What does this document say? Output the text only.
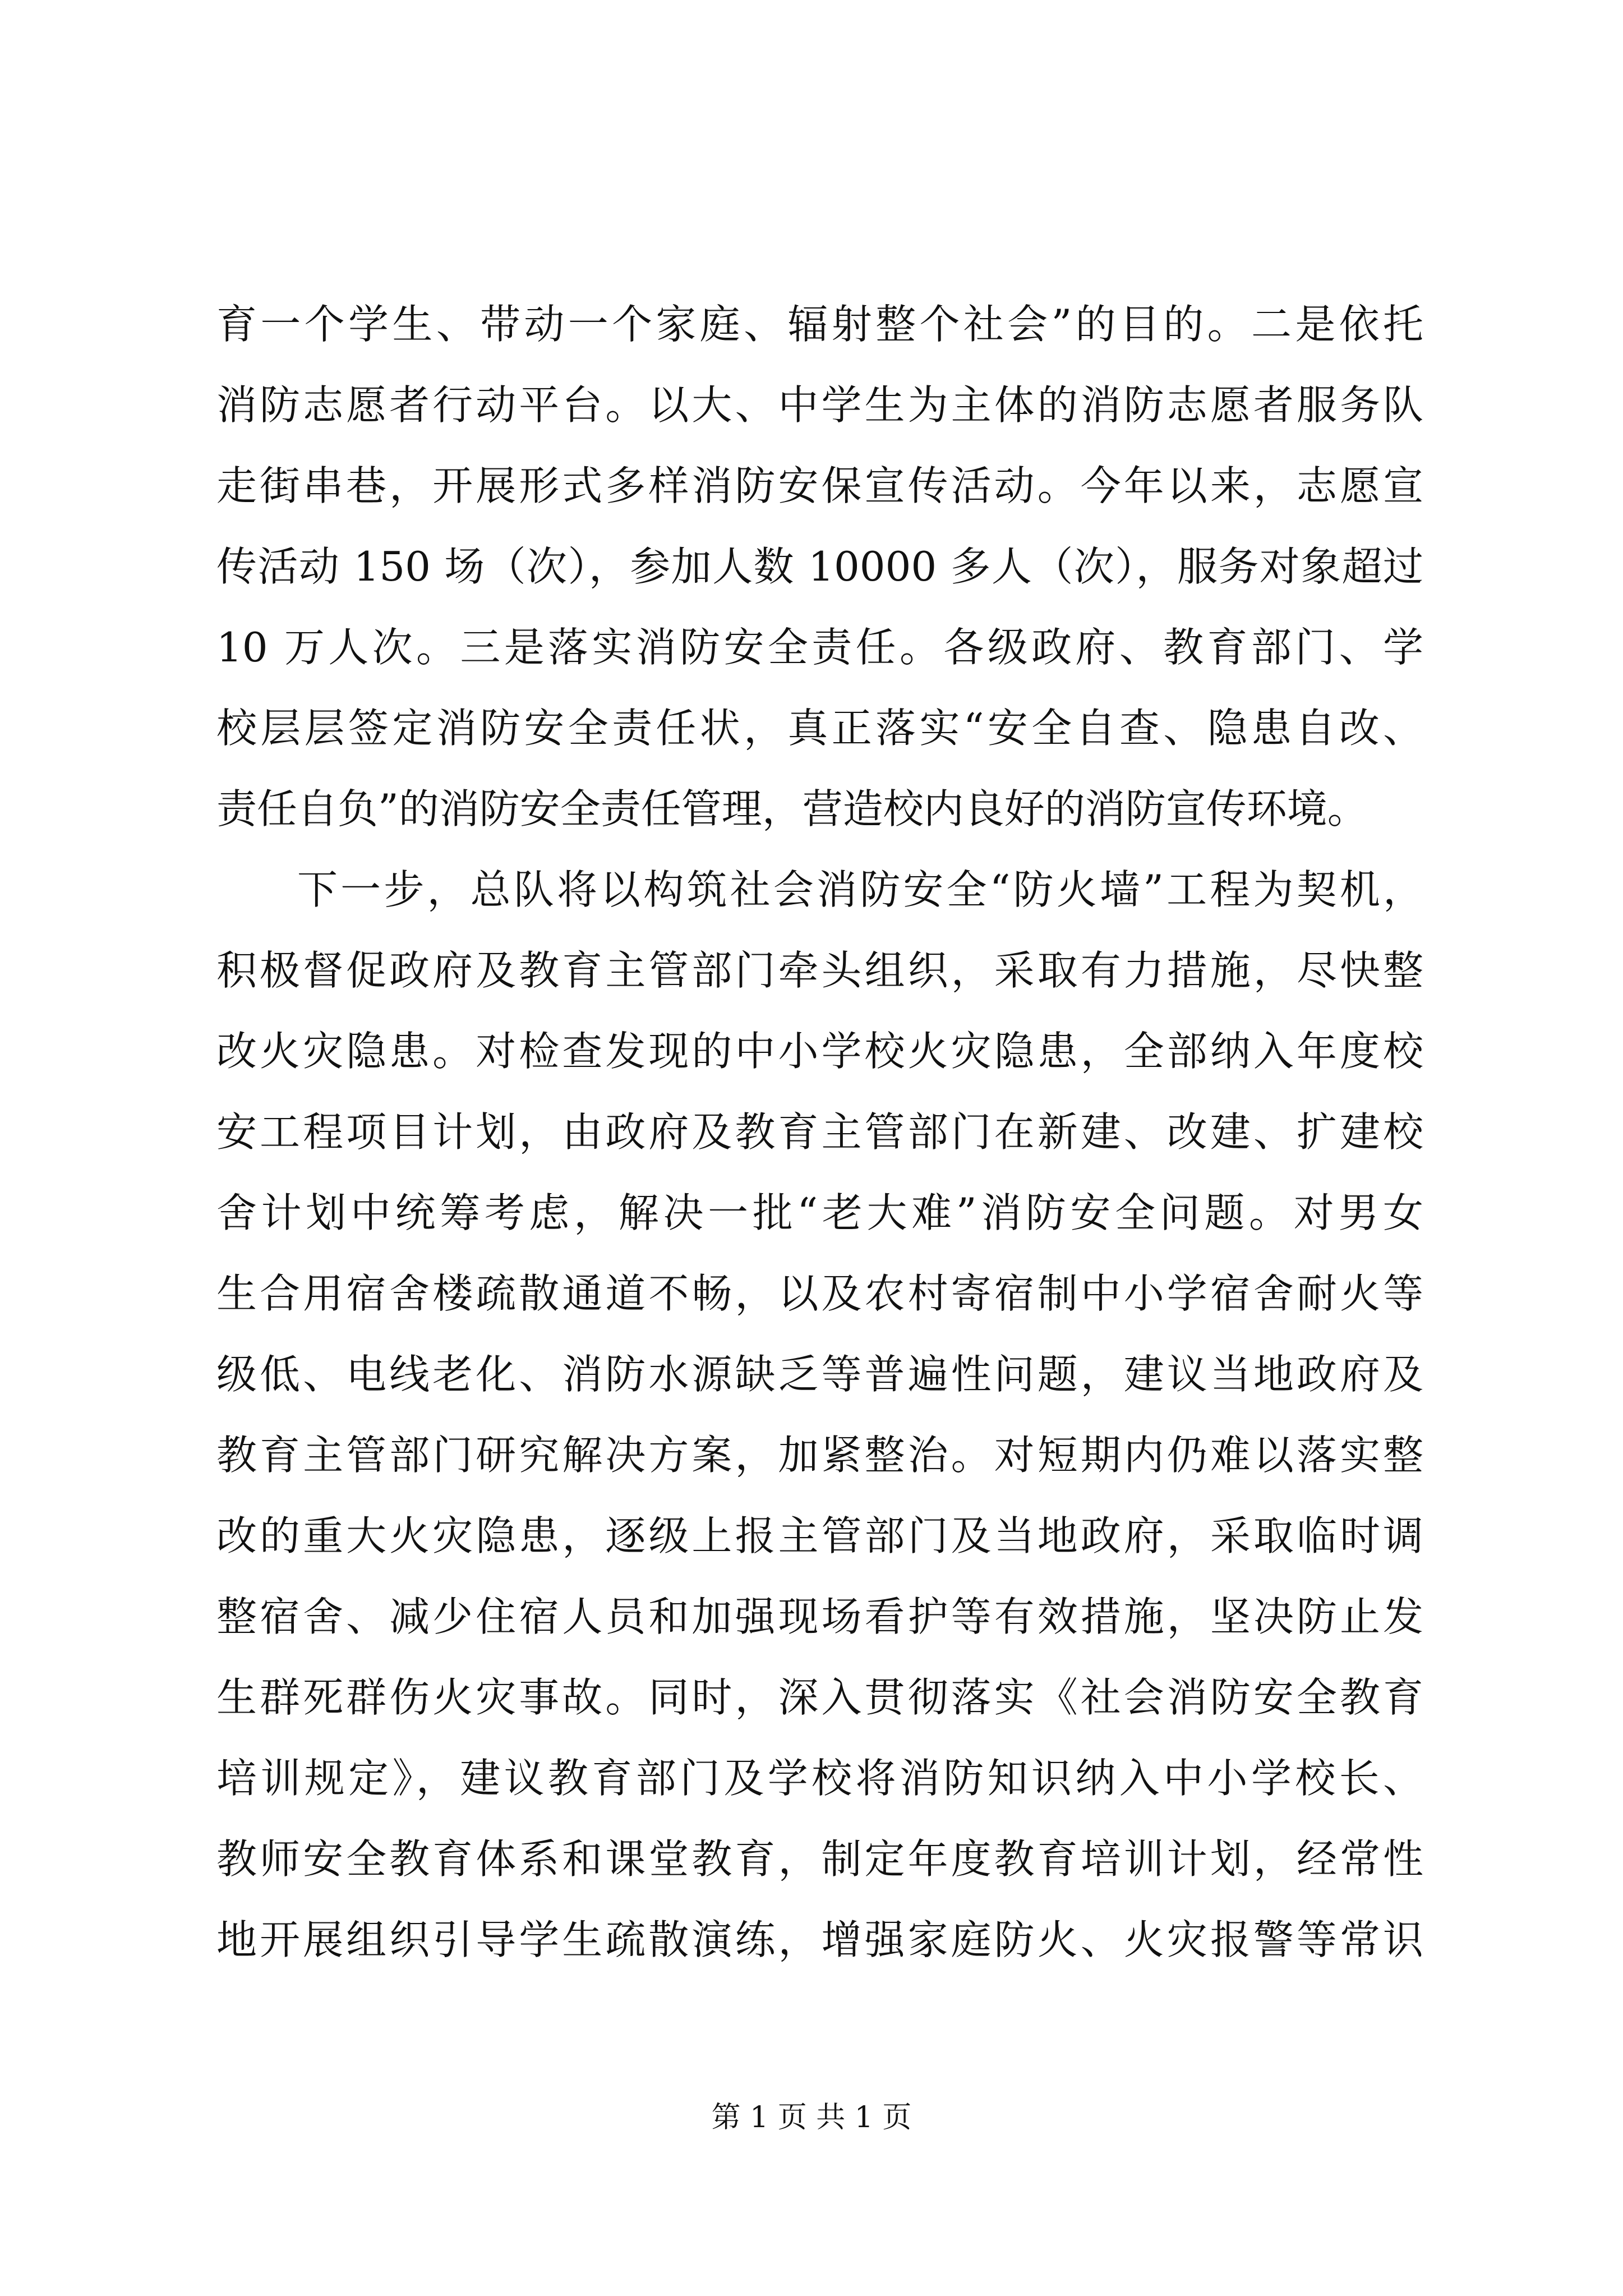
育一个学生、带动一个家庭、辐射整个社会”的目的。二是依托
消防志愿者行动平台。以大、中学生为主体的消防志愿者服务队
走街串巷，开展形式多样消防安保宣传活动。今年以来，志愿宣
传活动 150 场（次），参加人数 10000 多人（次），服务对象超过
10 万人次。三是落实消防安全责任。各级政府、教育部门、学
校层层签定消防安全责任状，真正落实“安全自查、隐患自改、
责任自负”的消防安全责任管理，营造校内良好的消防宣传环境。
下一步，总队将以构筑社会消防安全“防火墙”工程为契机，
积极督促政府及教育主管部门牵头组织，采取有力措施，尽快整
改火灾隐患。对检查发现的中小学校火灾隐患，全部纳入年度校
安工程项目计划，由政府及教育主管部门在新建、改建、扩建校
舍计划中统筹考虑，解决一批“老大难”消防安全问题。对男女
生合用宿舍楼疏散通道不畅，以及农村寄宿制中小学宿舍耐火等
级低、电线老化、消防水源缺乏等普遍性问题，建议当地政府及
教育主管部门研究解决方案，加紧整治。对短期内仍难以落实整
改的重大火灾隐患，逐级上报主管部门及当地政府，采取临时调
整宿舍、减少住宿人员和加强现场看护等有效措施，坚决防止发
生群死群伤火灾事故。同时，深入贯彻落实《社会消防安全教育
培训规定》，建议教育部门及学校将消防知识纳入中小学校长、
教师安全教育体系和课堂教育，制定年度教育培训计划，经常性
地开展组织引导学生疏散演练，增强家庭防火、火灾报警等常识
第 1 页 共 1 页
